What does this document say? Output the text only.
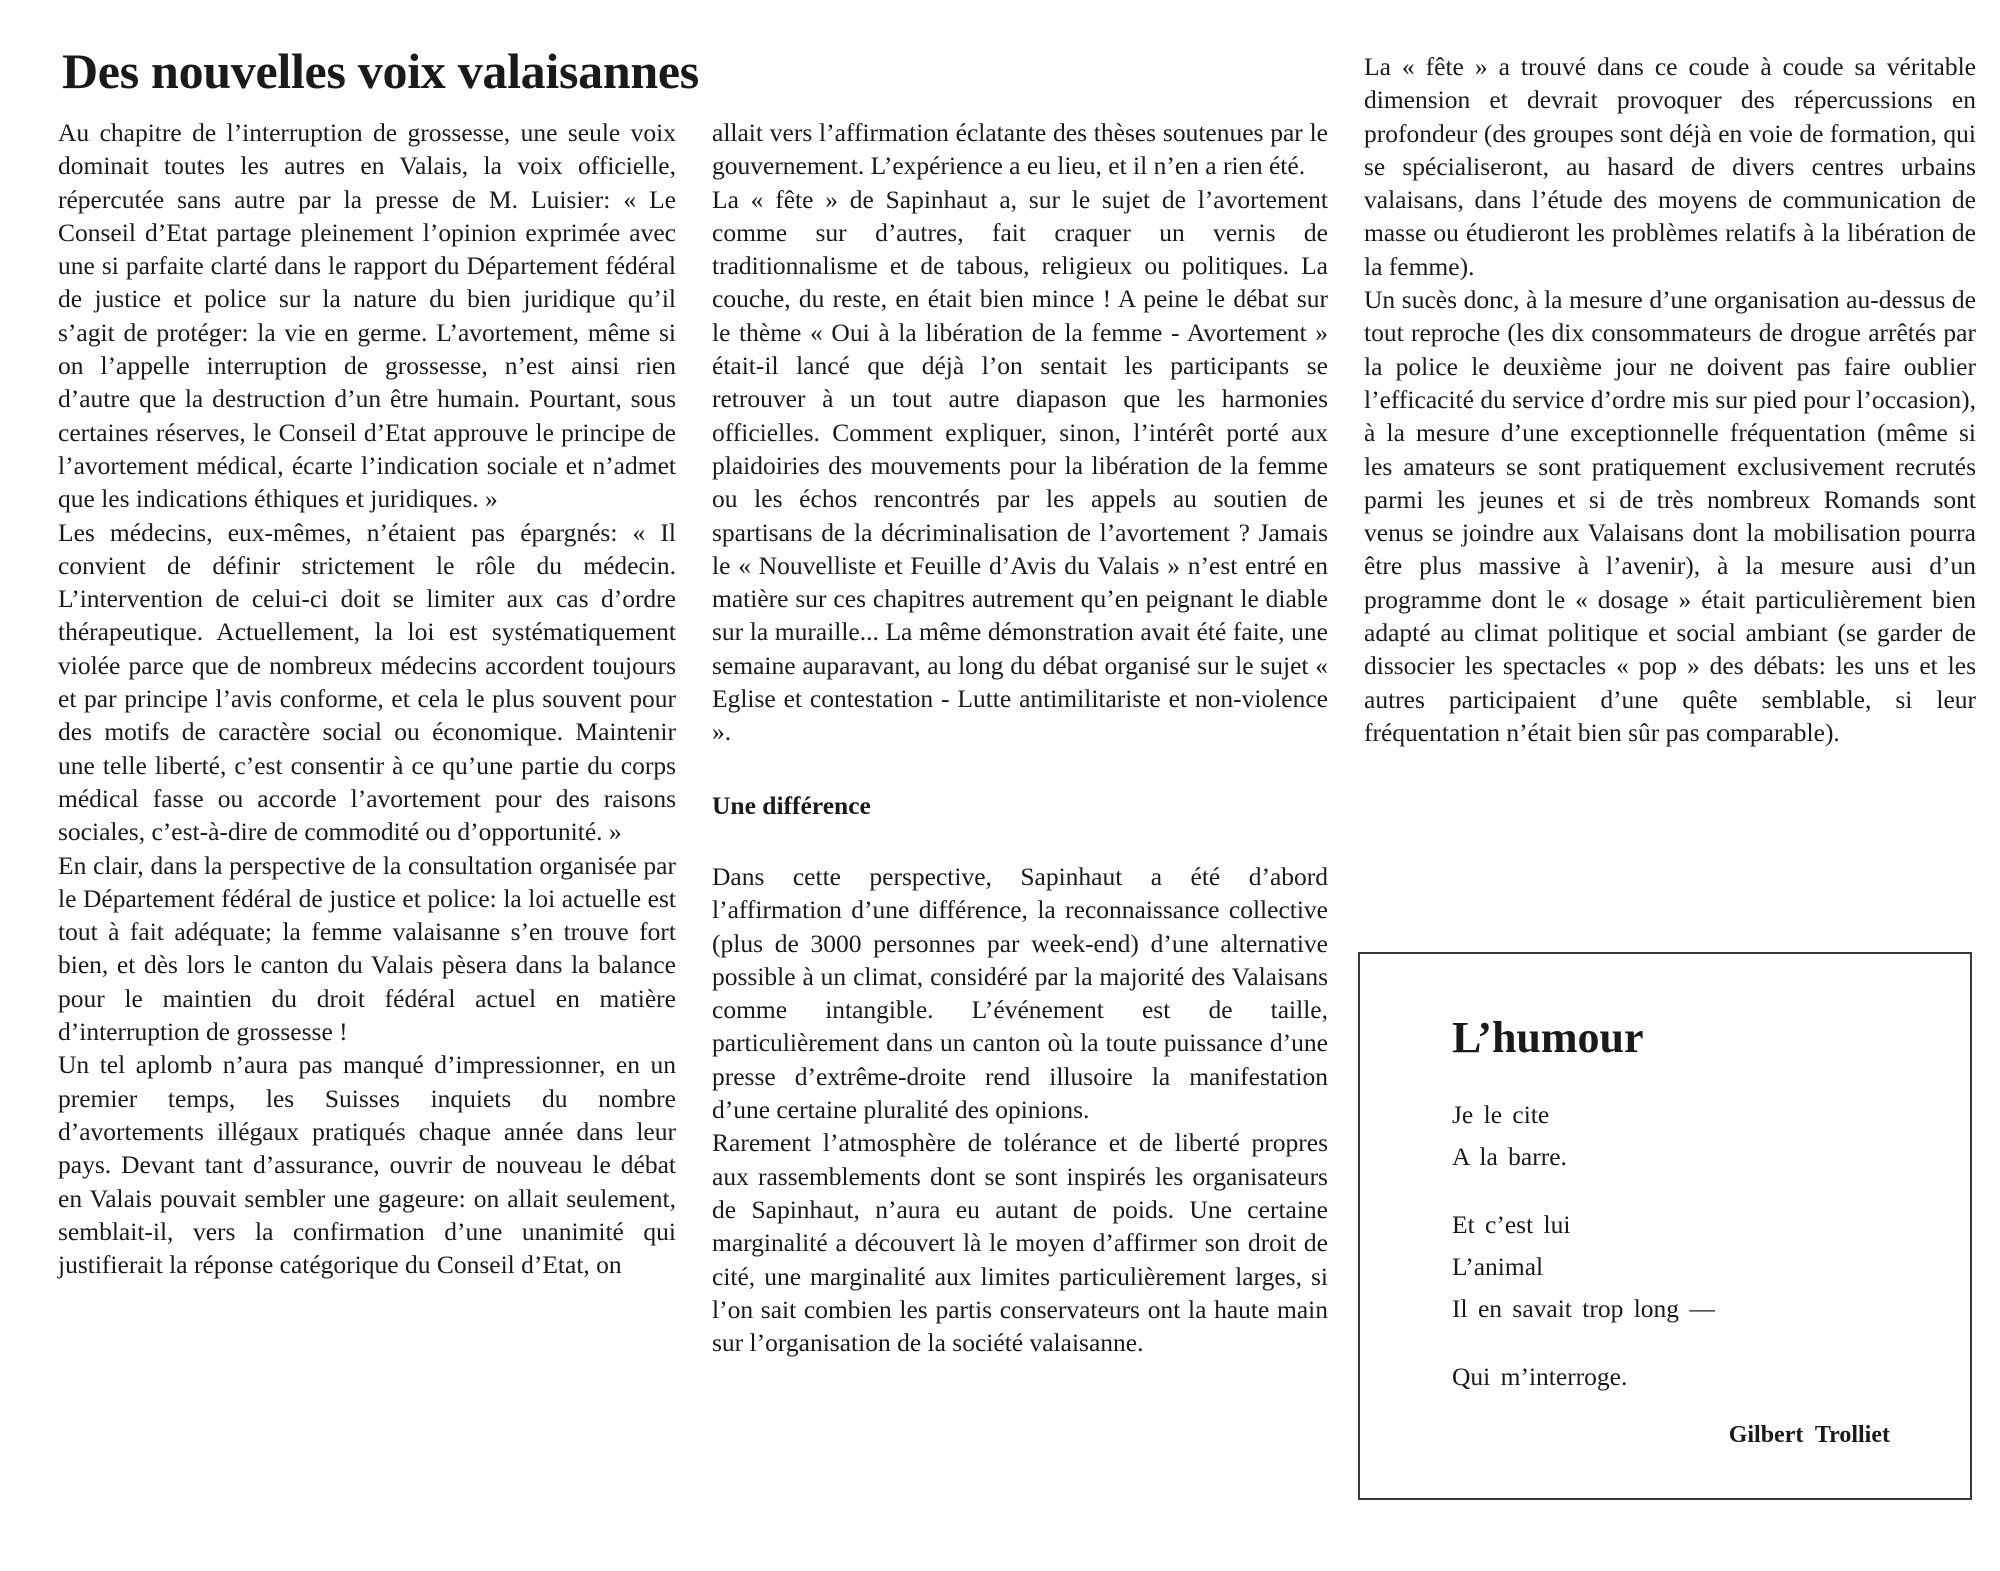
Des nouvelles voix valaisannes

Au chapitre de l’interruption de grossesse, une seule voix dominait toutes les autres en Valais, la voix officielle, répercutée sans autre par la presse de M. Luisier: « Le Conseil d’Etat partage pleinement l’opinion exprimée avec une si parfaite clarté dans le rapport du Département fédéral de justice et police sur la nature du bien juridique qu’il s’agit de protéger: la vie en germe. L’avortement, même si on l’appelle interruption de grossesse, n’est ainsi rien d’autre que la destruction d’un être humain. Pourtant, sous certaines réserves, le Conseil d’Etat approuve le principe de l’avortement médical, écarte l’indication sociale et n’admet que les indications éthiques et juridiques. »

Les médecins, eux-mêmes, n’étaient pas épargnés: « Il convient de définir strictement le rôle du médecin. L’intervention de celui-ci doit se limiter aux cas d’ordre thérapeutique. Actuellement, la loi est systématiquement violée parce que de nombreux médecins accordent toujours et par principe l’avis conforme, et cela le plus souvent pour des motifs de caractère social ou économique. Maintenir une telle liberté, c’est consentir à ce qu’une partie du corps médical fasse ou accorde l’avortement pour des raisons sociales, c’est-à-dire de commodité ou d’opportunité. »

En clair, dans la perspective de la consultation organisée par le Département fédéral de justice et police: la loi actuelle est tout à fait adéquate; la femme valaisanne s’en trouve fort bien, et dès lors le canton du Valais pèsera dans la balance pour le maintien du droit fédéral actuel en matière d’interruption de grossesse !

Un tel aplomb n’aura pas manqué d’impressionner, en un premier temps, les Suisses inquiets du nombre d’avortements illégaux pratiqués chaque année dans leur pays. Devant tant d’assurance, ouvrir de nouveau le débat en Valais pouvait sembler une gageure: on allait seulement, semblait-il, vers la confirmation d’une unanimité qui justifierait la réponse catégorique du Conseil d’Etat, on

allait vers l’affirmation éclatante des thèses soutenues par le gouvernement. L’expérience a eu lieu, et il n’en a rien été.

La « fête » de Sapinhaut a, sur le sujet de l’avortement comme sur d’autres, fait craquer un vernis de traditionnalisme et de tabous, religieux ou politiques. La couche, du reste, en était bien mince ! A peine le débat sur le thème « Oui à la libération de la femme - Avortement » était-il lancé que déjà l’on sentait les participants se retrouver à un tout autre diapason que les harmonies officielles. Comment expliquer, sinon, l’intérêt porté aux plaidoiries des mouvements pour la libération de la femme ou les échos rencontrés par les appels au soutien de spartisans de la décriminalisation de l’avortement ? Jamais le « Nouvelliste et Feuille d’Avis du Valais » n’est entré en matière sur ces chapitres autrement qu’en peignant le diable sur la muraille... La même démonstration avait été faite, une semaine auparavant, au long du débat organisé sur le sujet « Eglise et contestation - Lutte antimilitariste et non-violence ».

Une différence

Dans cette perspective, Sapinhaut a été d’abord l’affirmation d’une différence, la reconnaissance collective (plus de 3000 personnes par week-end) d’une alternative possible à un climat, considéré par la majorité des Valaisans comme intangible. L’événement est de taille, particulièrement dans un canton où la toute puissance d’une presse d’extrême-droite rend illusoire la manifestation d’une certaine pluralité des opinions.

Rarement l’atmosphère de tolérance et de liberté propres aux rassemblements dont se sont inspirés les organisateurs de Sapinhaut, n’aura eu autant de poids. Une certaine marginalité a découvert là le moyen d’affirmer son droit de cité, une marginalité aux limites particulièrement larges, si l’on sait combien les partis conservateurs ont la haute main sur l’organisation de la société valaisanne.

La « fête » a trouvé dans ce coude à coude sa véritable dimension et devrait provoquer des répercussions en profondeur (des groupes sont déjà en voie de formation, qui se spécialiseront, au hasard de divers centres urbains valaisans, dans l’étude des moyens de communication de masse ou étudieront les problèmes relatifs à la libération de la femme).

Un sucès donc, à la mesure d’une organisation au-dessus de tout reproche (les dix consommateurs de drogue arrêtés par la police le deuxième jour ne doivent pas faire oublier l’efficacité du service d’ordre mis sur pied pour l’occasion), à la mesure d’une exceptionnelle fréquentation (même si les amateurs se sont pratiquement exclusivement recrutés parmi les jeunes et si de très nombreux Romands sont venus se joindre aux Valaisans dont la mobilisation pourra être plus massive à l’avenir), à la mesure ausi d’un programme dont le « dosage » était particulièrement bien adapté au climat politique et social ambiant (se garder de dissocier les spectacles « pop » des débats: les uns et les autres participaient d’une quête semblable, si leur fréquentation n’était bien sûr pas comparable).

L’humour
Je le cite
A la barre.
Et c’est lui
L’animal
Il en savait trop long —
Qui m’interroge.
Gilbert Trolliet
